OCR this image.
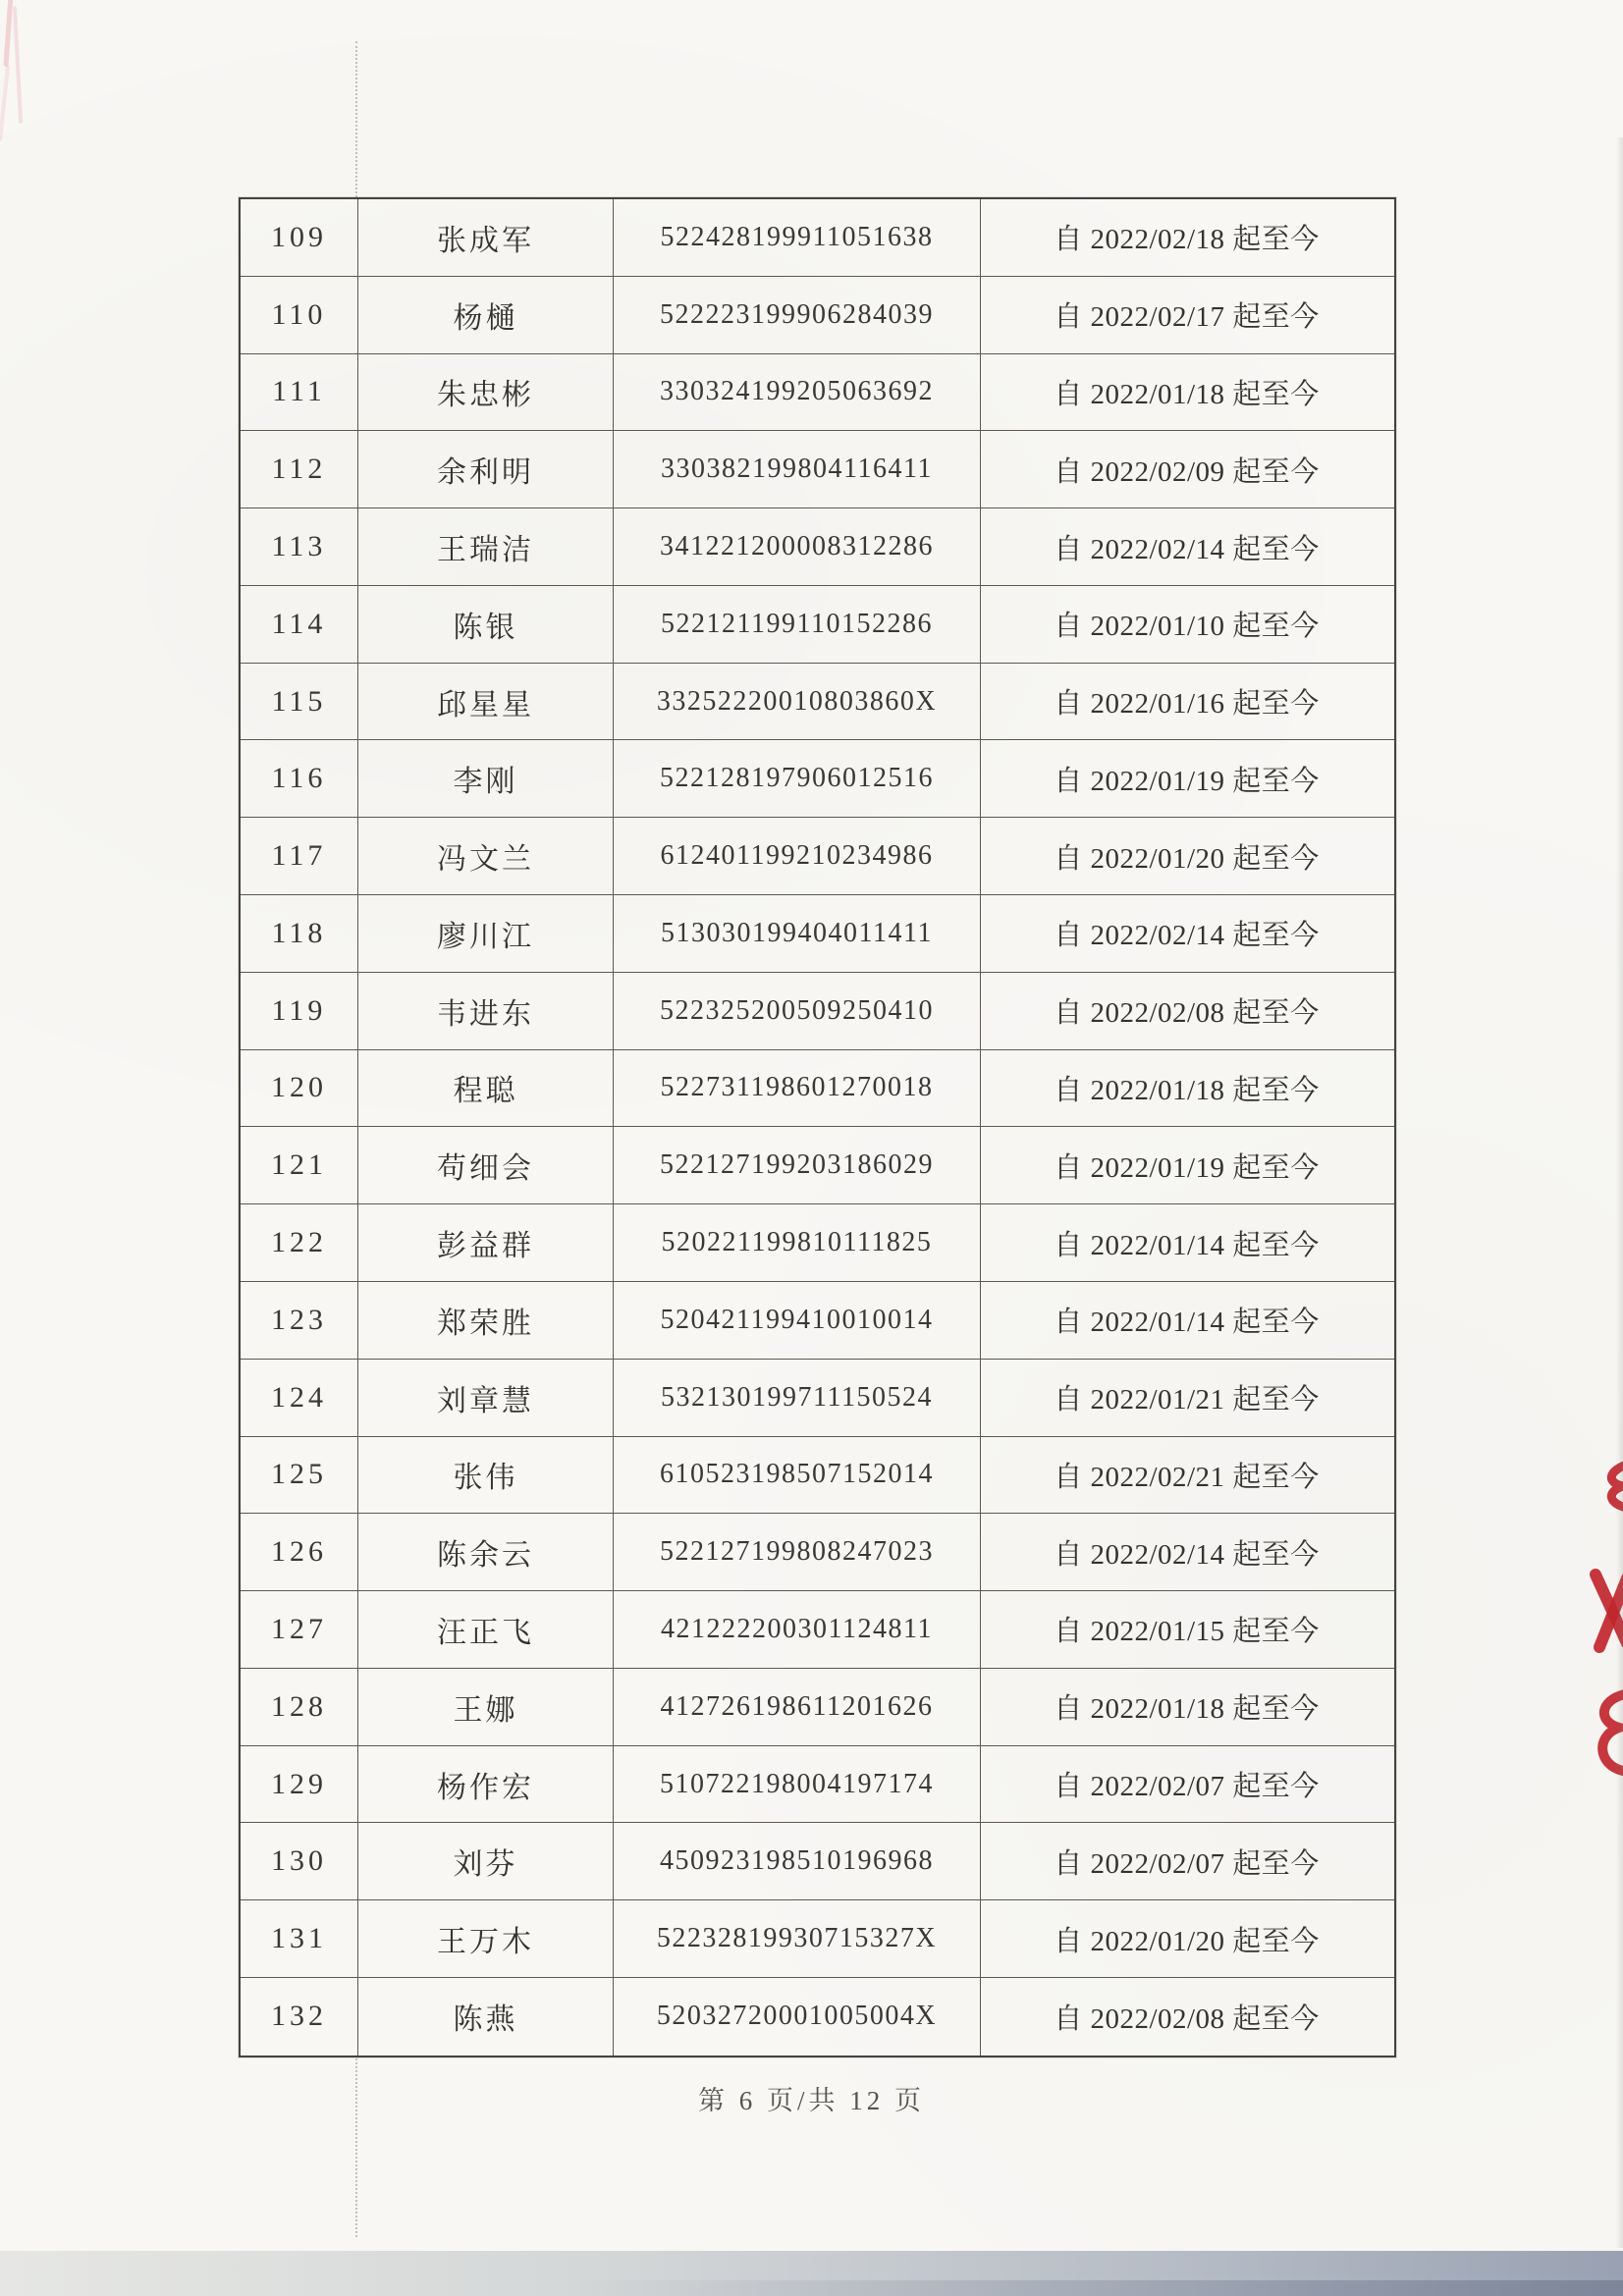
109	张成军	522428199911051638	自 2022/02/18 起至今
110	杨樋	522223199906284039	自 2022/02/17 起至今
111	朱忠彬	330324199205063692	自 2022/01/18 起至今
112	余利明	330382199804116411	自 2022/02/09 起至今
113	王瑞洁	341221200008312286	自 2022/02/14 起至今
114	陈银	522121199110152286	自 2022/01/10 起至今
115	邱星星	33252220010803860X	自 2022/01/16 起至今
116	李刚	522128197906012516	自 2022/01/19 起至今
117	冯文兰	612401199210234986	自 2022/01/20 起至今
118	廖川江	513030199404011411	自 2022/02/14 起至今
119	韦进东	522325200509250410	自 2022/02/08 起至今
120	程聪	522731198601270018	自 2022/01/18 起至今
121	苟细会	522127199203186029	自 2022/01/19 起至今
122	彭益群	520221199810111825	自 2022/01/14 起至今
123	郑荣胜	520421199410010014	自 2022/01/14 起至今
124	刘章慧	532130199711150524	自 2022/01/21 起至今
125	张伟	610523198507152014	自 2022/02/21 起至今
126	陈余云	522127199808247023	自 2022/02/14 起至今
127	汪正飞	421222200301124811	自 2022/01/15 起至今
128	王娜	412726198611201626	自 2022/01/18 起至今
129	杨作宏	510722198004197174	自 2022/02/07 起至今
130	刘芬	450923198510196968	自 2022/02/07 起至今
131	王万木	52232819930715327X	自 2022/01/20 起至今
132	陈燕	52032720001005004X	自 2022/02/08 起至今
第 6 页/共 12 页
